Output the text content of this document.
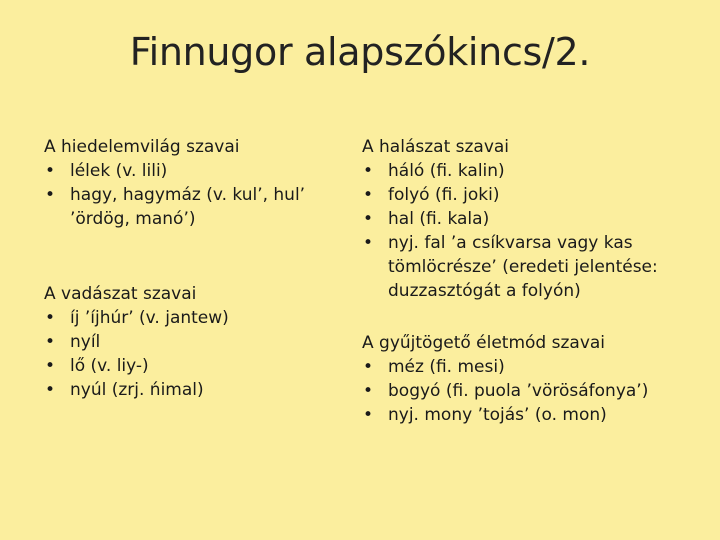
Finnugor alapszókincs/2.
A hiedelemvilág szavai
• lélek (v. lili)
• hagy, hagymáz (v. kul’, hul’ ’ördög, manó’)
A vadászat szavai
• íj ’íjhúr’ (v. jantew)
• nyíl
• lő (v. liy-)
• nyúl (zrj. ńimal)
A halászat szavai
• háló (fi. kalin)
• folyó (fi. joki)
• hal (fi. kala)
• nyj. fal ’a csíkvarsa vagy kas tömlöcrésze’ (eredeti jelentése: duzzasztógát a folyón)
A gyűjtögető életmód szavai
• méz (fi. mesi)
• bogyó (fi. puola ’vörösáfonya’)
• nyj. mony ’tojás’ (o. mon)
